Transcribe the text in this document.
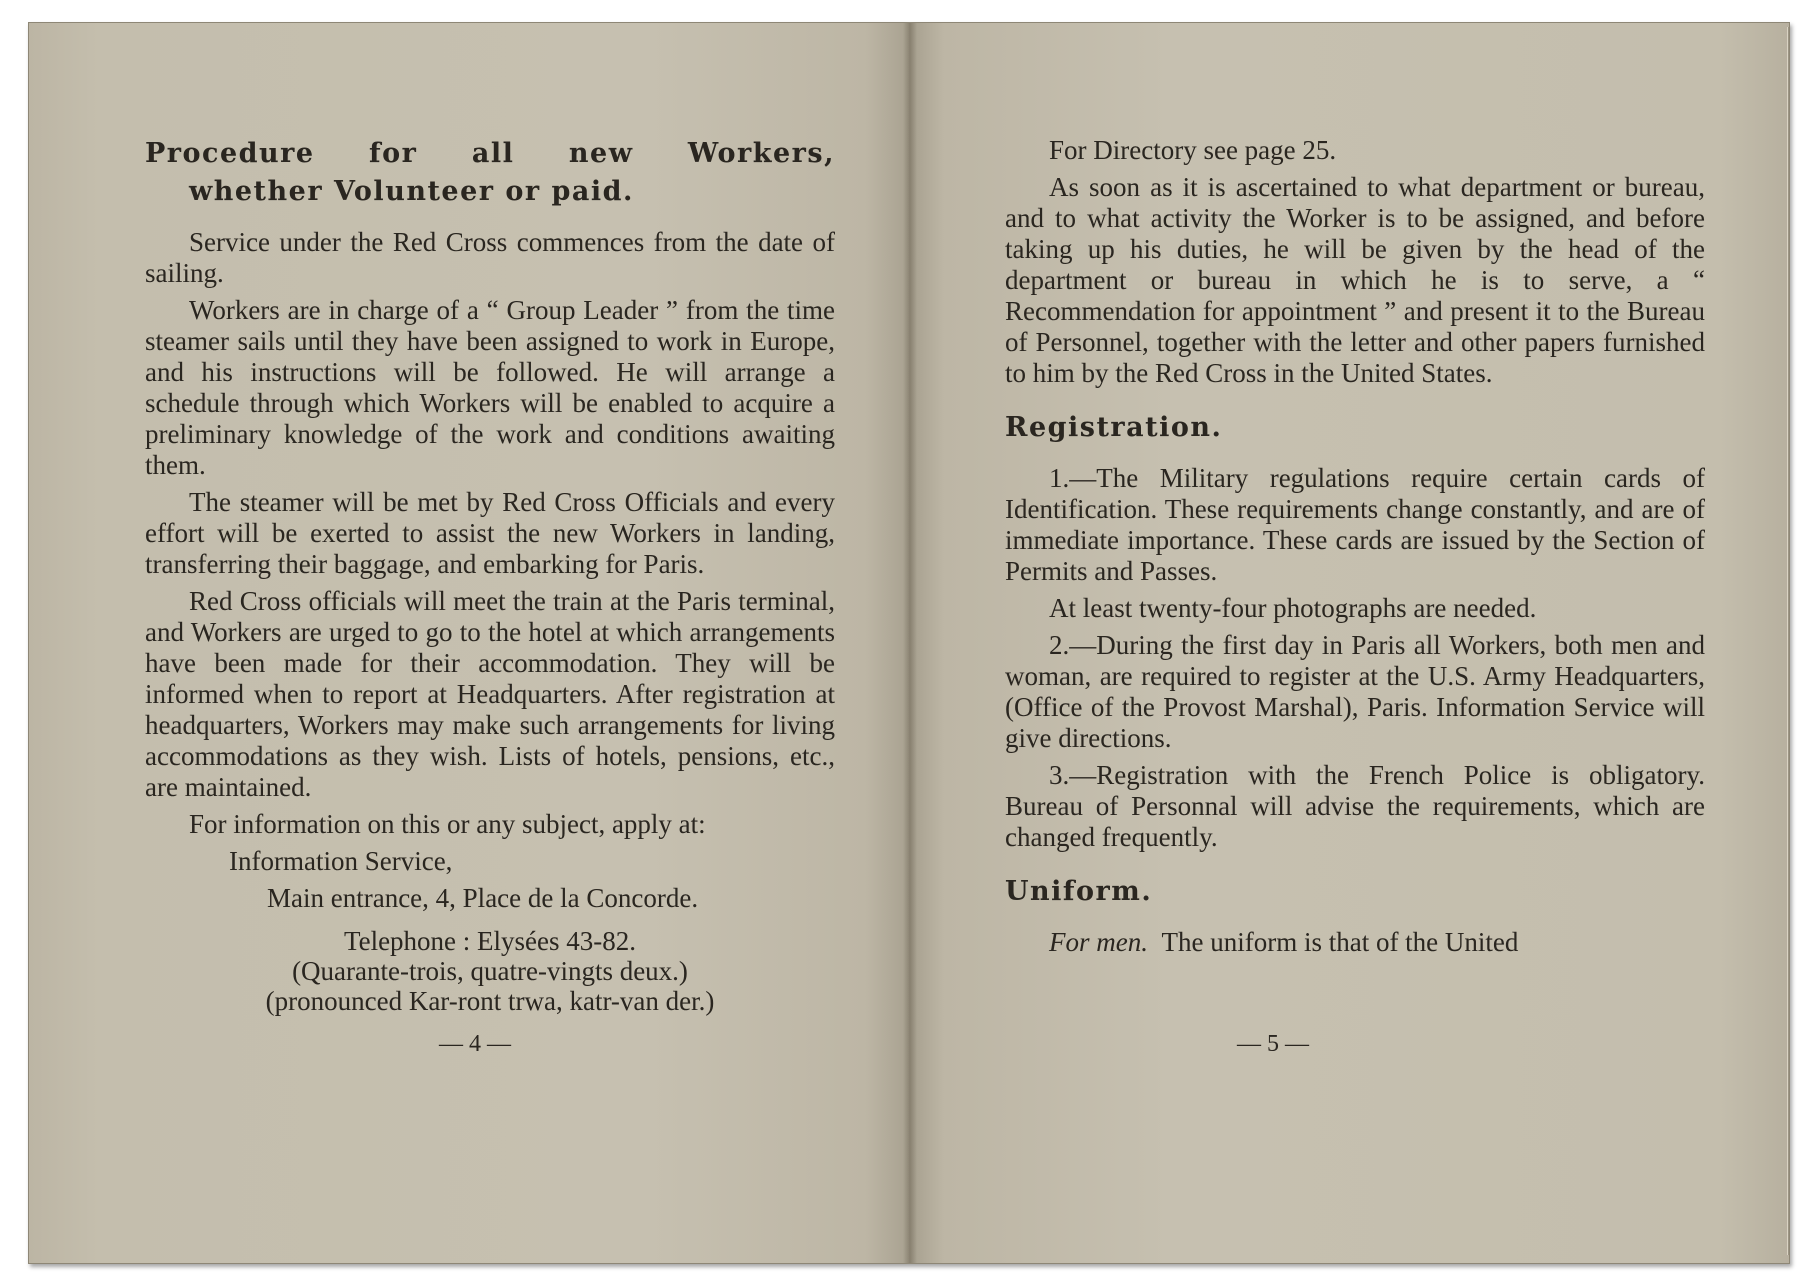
Procedure for all new Workers,
whether Volunteer or paid.

Service under the Red Cross commences from the date of sailing.

Workers are in charge of a “ Group Leader ” from the time steamer sails until they have been assigned to work in Europe, and his instructions will be followed. He will arrange a schedule through which Workers will be enabled to acquire a preliminary knowledge of the work and conditions awaiting them.

The steamer will be met by Red Cross Officials and every effort will be exerted to assist the new Workers in landing, transferring their baggage, and embarking for Paris.

Red Cross officials will meet the train at the Paris terminal, and Workers are urged to go to the hotel at which arrangements have been made for their accommodation. They will be informed when to report at Headquarters. After registration at headquarters, Workers may make such arrangements for living accommodations as they wish. Lists of hotels, pensions, etc., are maintained.

For information on this or any subject, apply at:

Information Service,
Main entrance, 4, Place de la Concorde.
Telephone : Elysées 43-82.
(Quarante-trois, quatre-vingts deux.)
(pronounced Kar-ront trwa, katr-van der.)
— 4 —

For Directory see page 25.

As soon as it is ascertained to what department or bureau, and to what activity the Worker is to be assigned, and before taking up his duties, he will be given by the head of the department or bureau in which he is to serve, a “ Recommendation for appointment ” and present it to the Bureau of Personnel, together with the letter and other papers furnished to him by the Red Cross in the United States.

Registration.

1.—The Military regulations require certain cards of Identification. These requirements change constantly, and are of immediate importance. These cards are issued by the Section of Permits and Passes.

At least twenty-four photographs are needed.

2.—During the first day in Paris all Workers, both men and woman, are required to register at the U.S. Army Headquarters, (Office of the Provost Marshal), Paris. Information Service will give directions.

3.—Registration with the French Police is obligatory. Bureau of Personnal will advise the requirements, which are changed frequently.

Uniform.

For men. The uniform is that of the United

— 5 —
